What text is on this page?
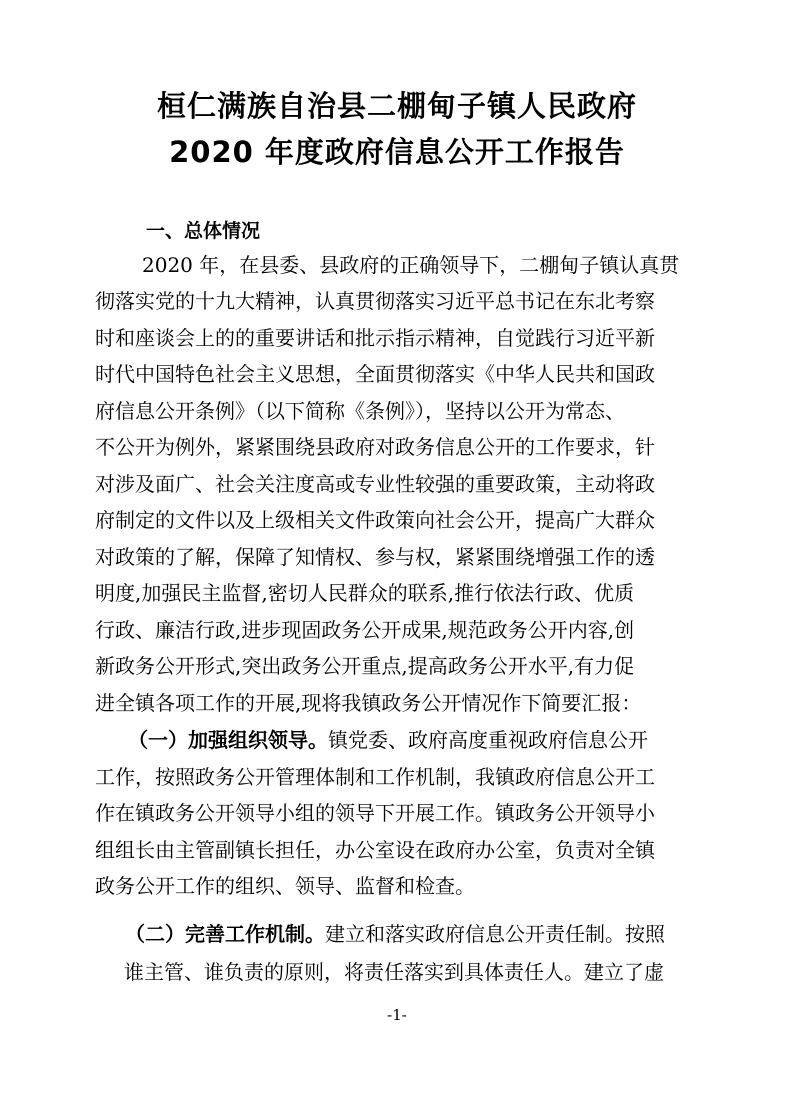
桓仁满族自治县二棚甸子镇人民政府
2020 年度政府信息公开工作报告
一、总体情况
2020 年，在县委、县政府的正确领导下，二棚甸子镇认真贯
彻落实党的十九大精神，认真贯彻落实习近平总书记在东北考察
时和座谈会上的的重要讲话和批示指示精神，自觉践行习近平新
时代中国特色社会主义思想，全面贯彻落实《中华人民共和国政
府信息公开条例》（以下简称《条例》），坚持以公开为常态、
不公开为例外，紧紧围绕县政府对政务信息公开的工作要求，针
对涉及面广、社会关注度高或专业性较强的重要政策，主动将政
府制定的文件以及上级相关文件政策向社会公开，提高广大群众
对政策的了解，保障了知情权、参与权，紧紧围绕增强工作的透
明度,加强民主监督,密切人民群众的联系,推行依法行政、优质
行政、廉洁行政,进步现固政务公开成果,规范政务公开内容,创
新政务公开形式,突出政务公开重点,提高政务公开水平,有力促
进全镇各项工作的开展,现将我镇政务公开情况作下简要汇报：
（一）加强组织领导。镇党委、政府高度重视政府信息公开
工作，按照政务公开管理体制和工作机制，我镇政府信息公开工
作在镇政务公开领导小组的领导下开展工作。镇政务公开领导小
组组长由主管副镇长担任，办公室设在政府办公室，负责对全镇
政务公开工作的组织、领导、监督和检查。
（二）完善工作机制。建立和落实政府信息公开责任制。按照
谁主管、谁负责的原则，将责任落实到具体责任人。建立了虚
-1-
